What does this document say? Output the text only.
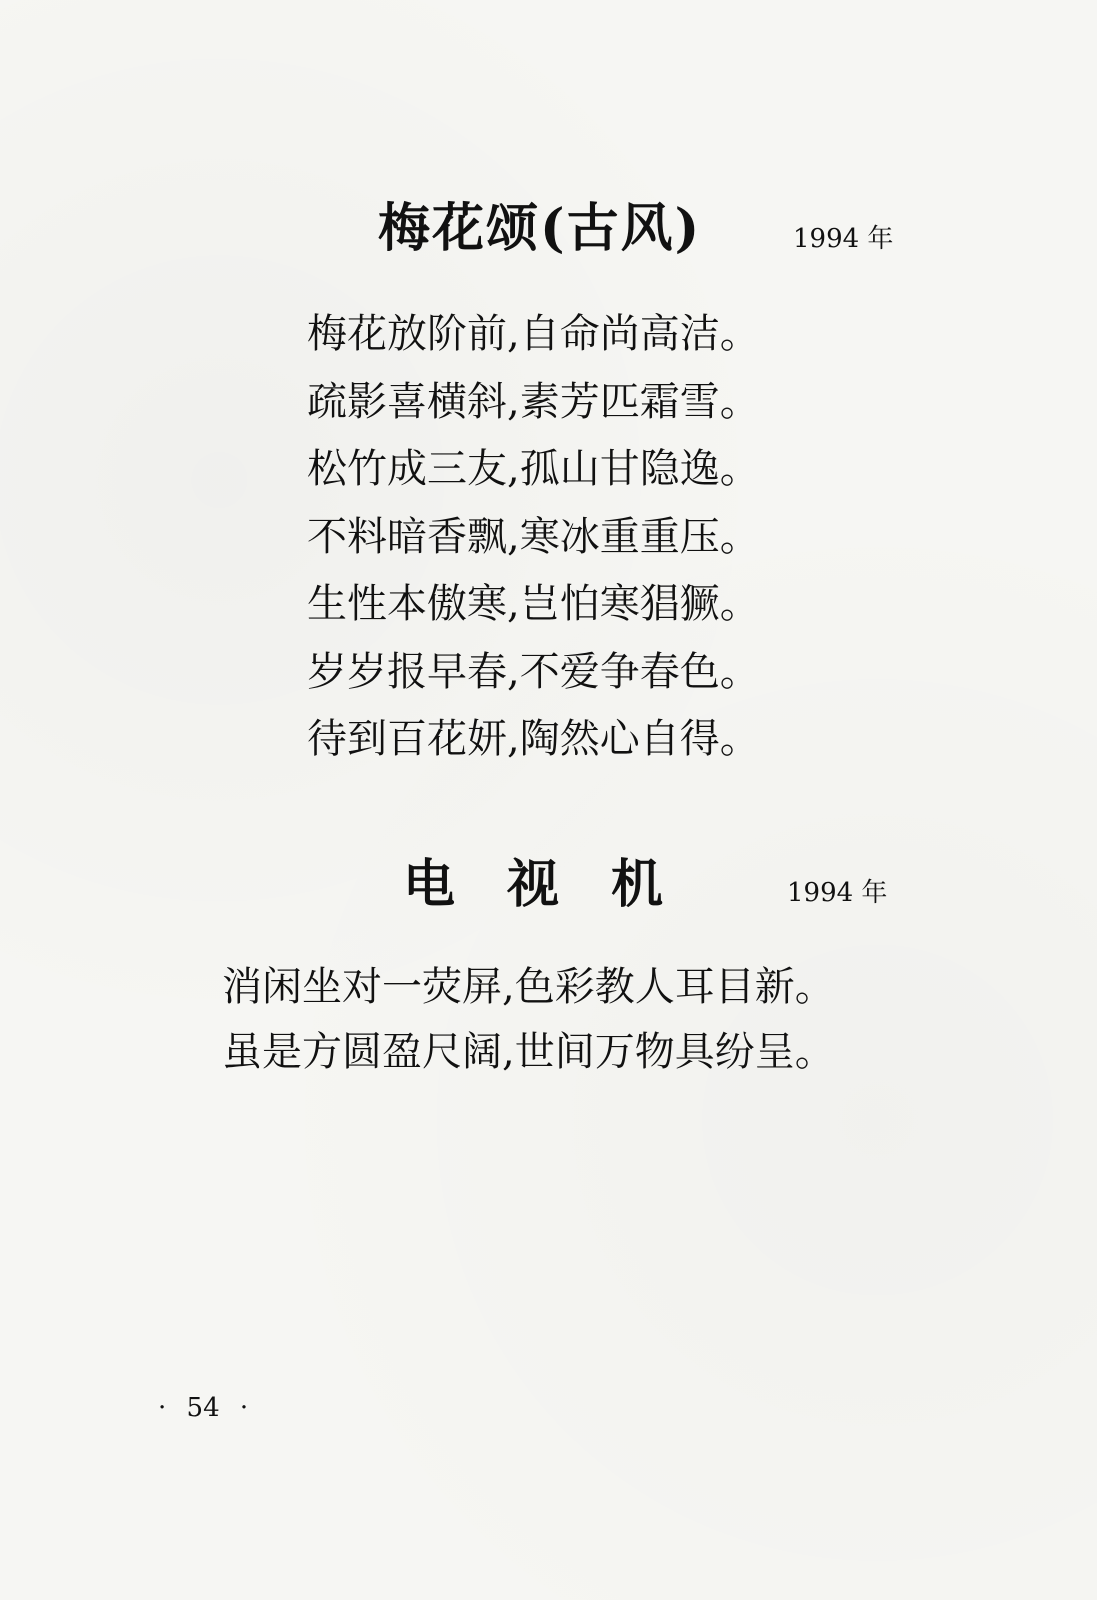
梅花颂(古风)	1994 年
梅花放阶前,自命尚高洁。
疏影喜横斜,素芳匹霜雪。
松竹成三友,孤山甘隐逸。
不料暗香飘,寒冰重重压。
生性本傲寒,岂怕寒猖獗。
岁岁报早春,不爱争春色。
待到百花妍,陶然心自得。
电 视 机	1994 年
消闲坐对一荧屏,色彩教人耳目新。
虽是方圆盈尺阔,世间万物具纷呈。
· 54 ·
